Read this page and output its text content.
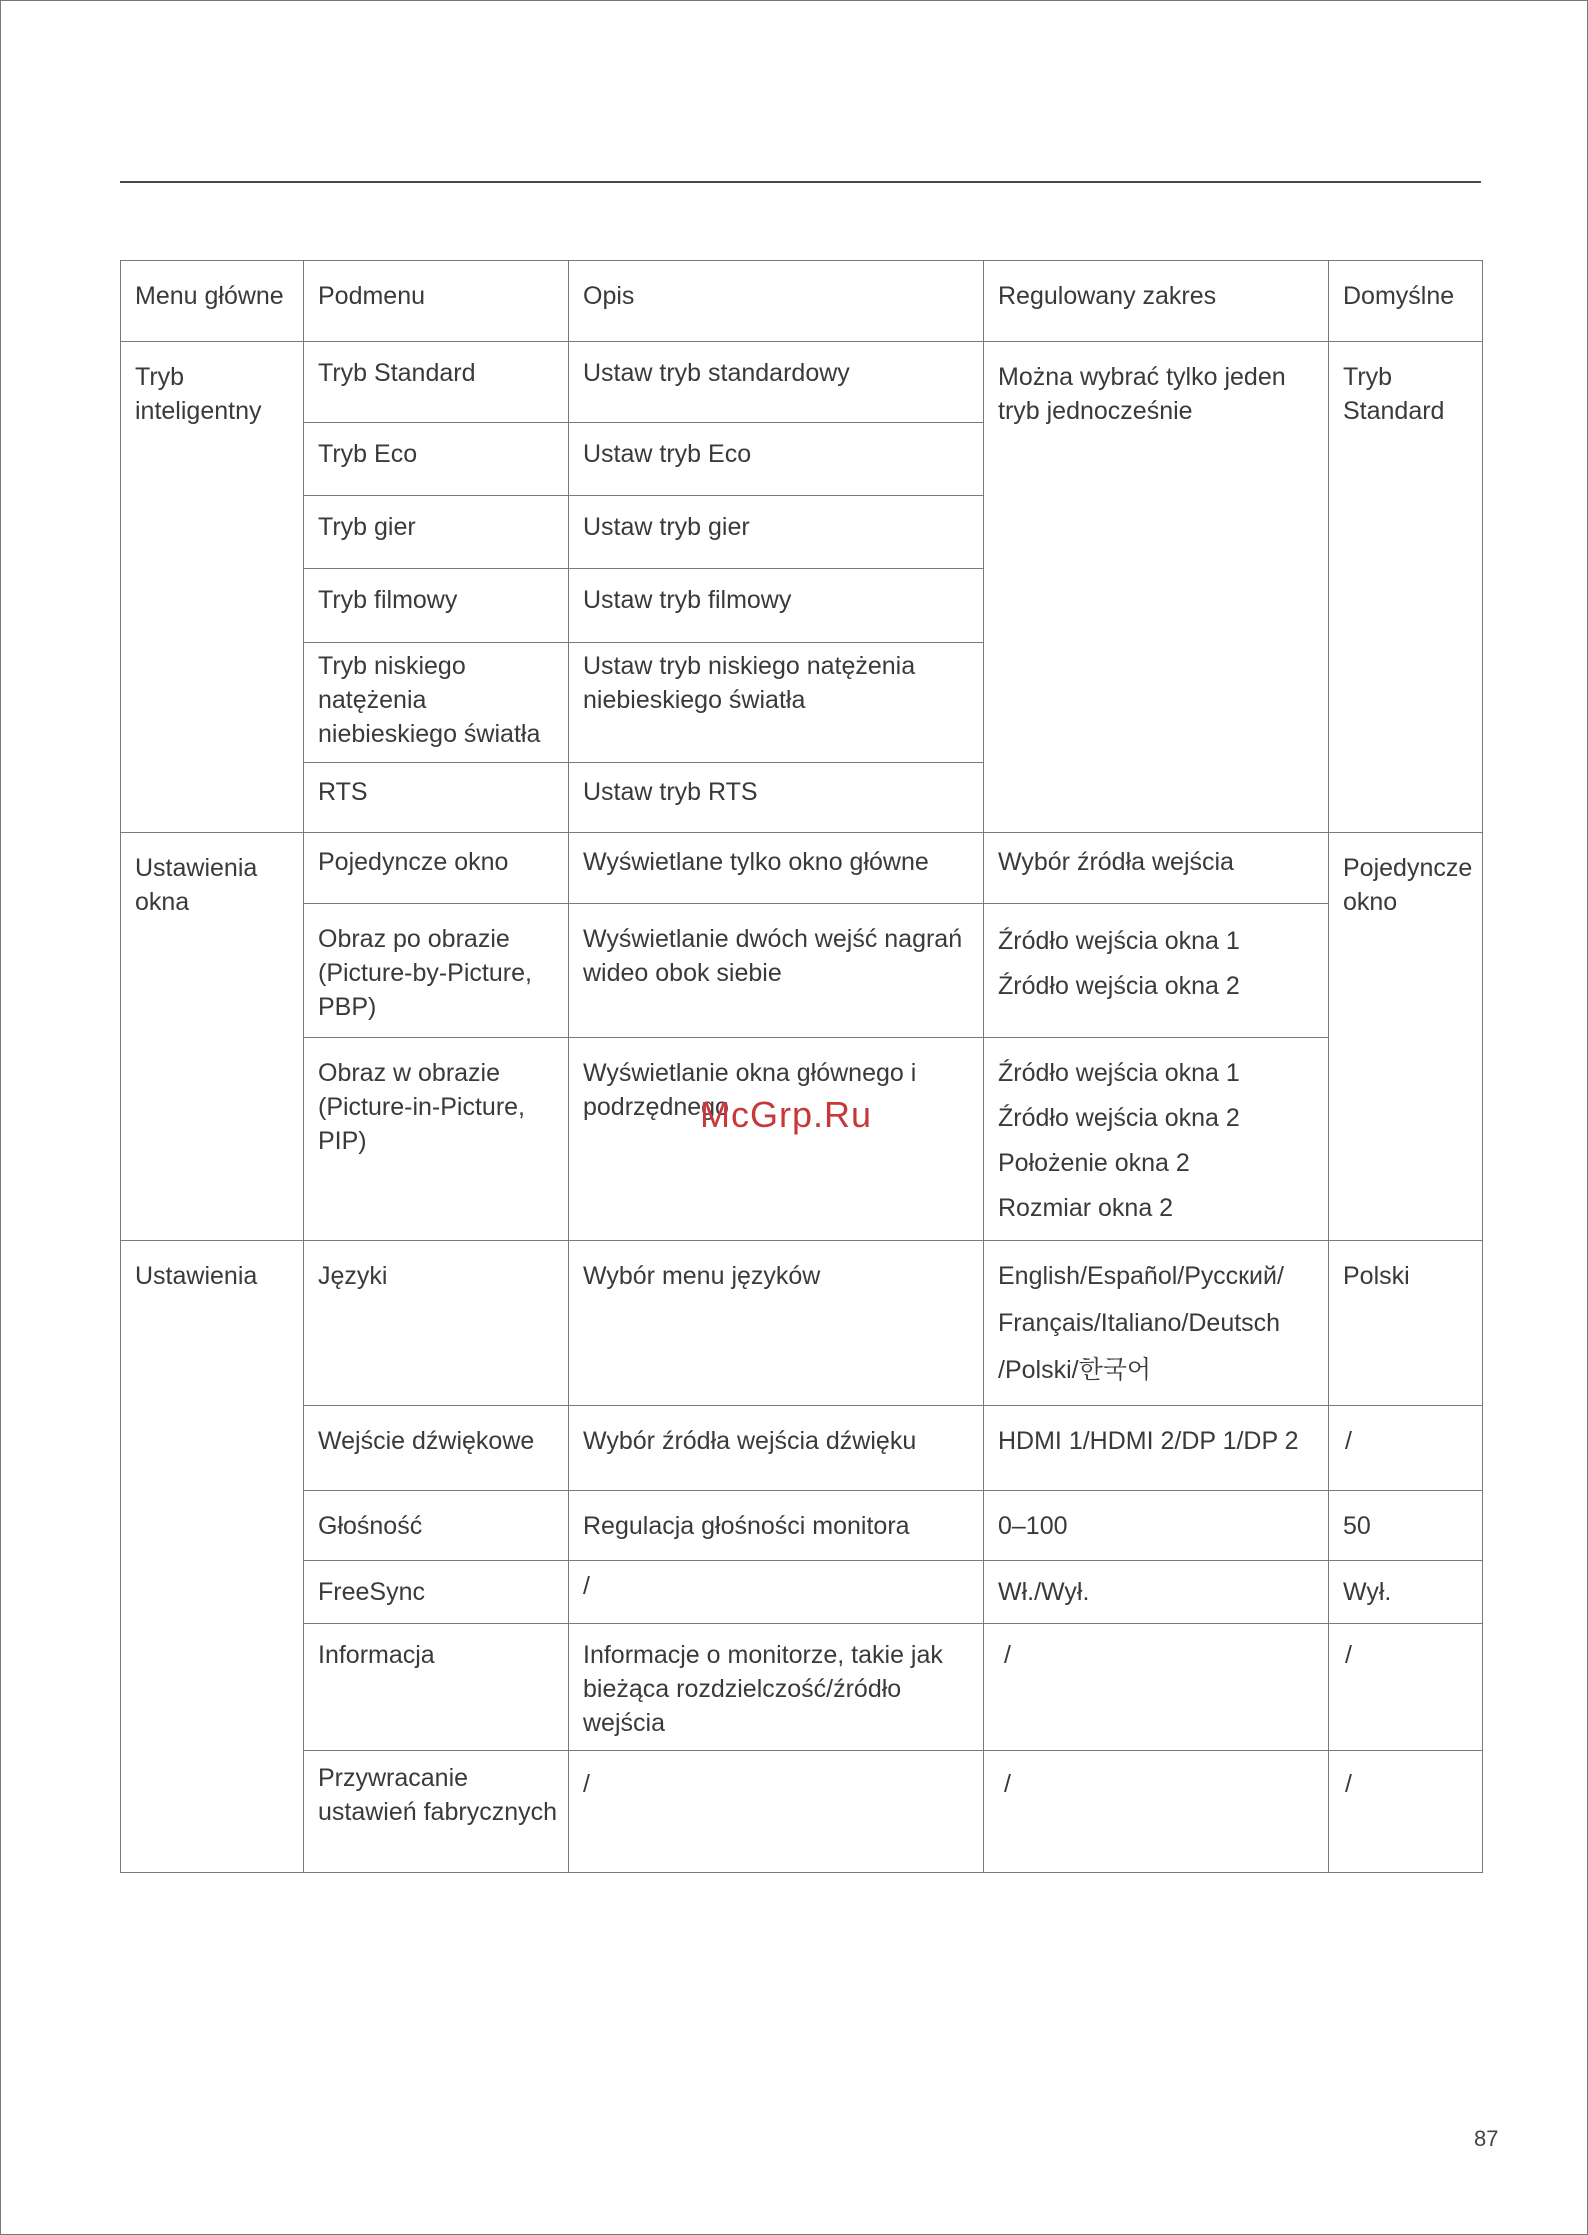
Menu główne	Podmenu	Opis	Regulowany zakres	Domyślne
Tryb inteligentny	Tryb Standard	Ustaw tryb standardowy	Można wybrać tylko jeden tryb jednocześnie	Tryb Standard
	Tryb Eco	Ustaw tryb Eco		
	Tryb gier	Ustaw tryb gier		
	Tryb filmowy	Ustaw tryb filmowy		
	Tryb niskiego natężenia niebieskiego światła	Ustaw tryb niskiego natężenia niebieskiego światła		
	RTS	Ustaw tryb RTS		
Ustawienia okna	Pojedyncze okno	Wyświetlane tylko okno główne	Wybór źródła wejścia	Pojedyncze okno
	Obraz po obrazie (Picture-by-Picture, PBP)	Wyświetlanie dwóch wejść nagrań wideo obok siebie	Źródło wejścia okna 1
Źródło wejścia okna 2	

	Obraz w obrazie (Picture-in-Picture, PIP)	Wyświetlanie okna głównego i podrzędnego	Źródło wejścia okna 1
Źródło wejścia okna 2
Położenie okna 2
Rozmiar okna 2	

Ustawienia	Języki	Wybór menu języków	English/Español/Русский/
Français/Italiano/Deutsch
/Polski/한국어	Polski
	Wejście dźwiękowe	Wybór źródła wejścia dźwięku	HDMI 1/HDMI 2/DP 1/DP 2	/
	Głośność	Regulacja głośności monitora	0–100	50
	FreeSync	/	Wł./Wył.	Wył.
	Informacja	Informacje o monitorze, takie jak bieżąca rozdzielczość/źródło wejścia	/	/
	Przywracanie ustawień fabrycznych	/	/	/
McGrp.Ru
87
